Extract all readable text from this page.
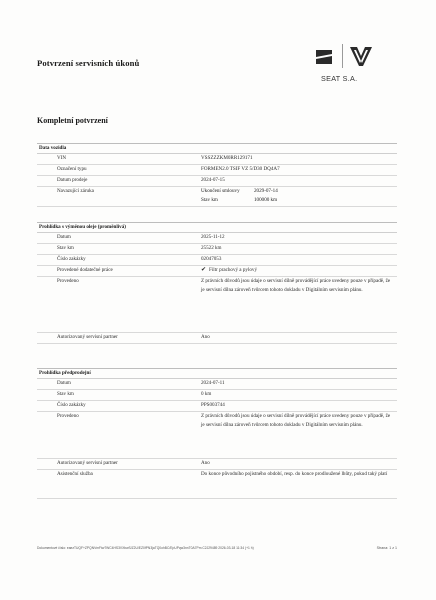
Potvrzení servisních úkonů
SEAT S.A.
Kompletní potvrzení
Data vozidla
VIN	VSSZZZKM0RR129171
Označení typu	FORMEN2.0 TSIF VZ 5/D30 DQ4A7
Datum prodeje	2024-07-15
Navazující záruka	Ukončení smlouvy	2029-07-14
Stav km	100000 km
Prohlídka s výměnou oleje (proměnlivá)
Datum	2025-11-12
Stav km	25522 km
Číslo zakázky	02047053
Provedené dodatečné práce	✔ Filtr prachový a pylový
Provedeno	Z právních důvodů jsou údaje o servisní dílně provádějící práce uvedeny pouze v případě, že je servisní dílna zároveň tvůrcem tohoto dokladu v Digitálním servisním plánu.
Autorizovaný servisní partner	Ano
Prohlídka předprodejní
Datum	2024-07-11
Stav km	0 km
Číslo zakázky	PPS003744
Provedeno	Z právních důvodů jsou údaje o servisní dílně provádějící práce uvedeny pouze v případě, že je servisní dílna zároveň tvůrcem tohoto dokladu v Digitálním servisním plánu.
Autorizovaný servisní partner	Ano
Asistenční služba	Do konce původního pojistného období, resp. do konce prodloužené lhůty, pokud taký platí
Dokumentové číslo: eaezTUQF+ZPQNVmFtw7WC4HS3VXbwS/Z2U/EZ0fPN3jaTQ0ohBC/EpUPqw3nnT0A7Pm C2J29489 2026-03-18 11:34 (+1 h)	Strana: 1 z 1
